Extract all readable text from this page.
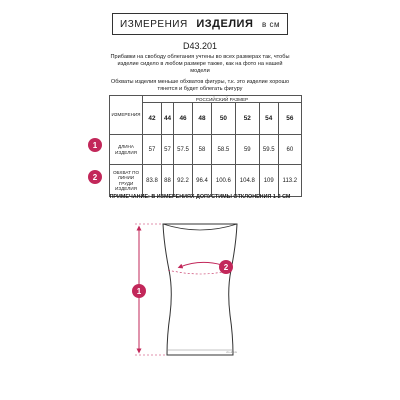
ИЗМЕРЕНИЯ ИЗДЕЛИЯ в см
D43.201
Прибавки на свободу облегания учтены во всех размерах так, чтобы
изделие сидело в любом размере также, как на фото на нашей
модели
Обхваты изделия меньше обхватов фигуры, т.к. это изделие хорошо
тянется и будет облегать фигуру
ИЗМЕРЕНИЯ	РОССИЙСКИЙ РАЗМЕР							
	42	44	46	48	50	52	54	56
ДЛИНА ИЗДЕЛИЯ	57	57	57.5	58	58.5	59	59.5	60
ОБХВАТ ПО ЛИНИИ ГРУДИ ИЗДЕЛИЯ	83.8	88	92.2	96.4	100.6	104.8	109	113.2
1
2
ПРИМЕЧАНИЕ: В ИЗМЕРЕНИЯХ ДОПУСТИМЫ ОТКЛОНЕНИЯ 1-2 СМ
1
2
vis-à-vis
